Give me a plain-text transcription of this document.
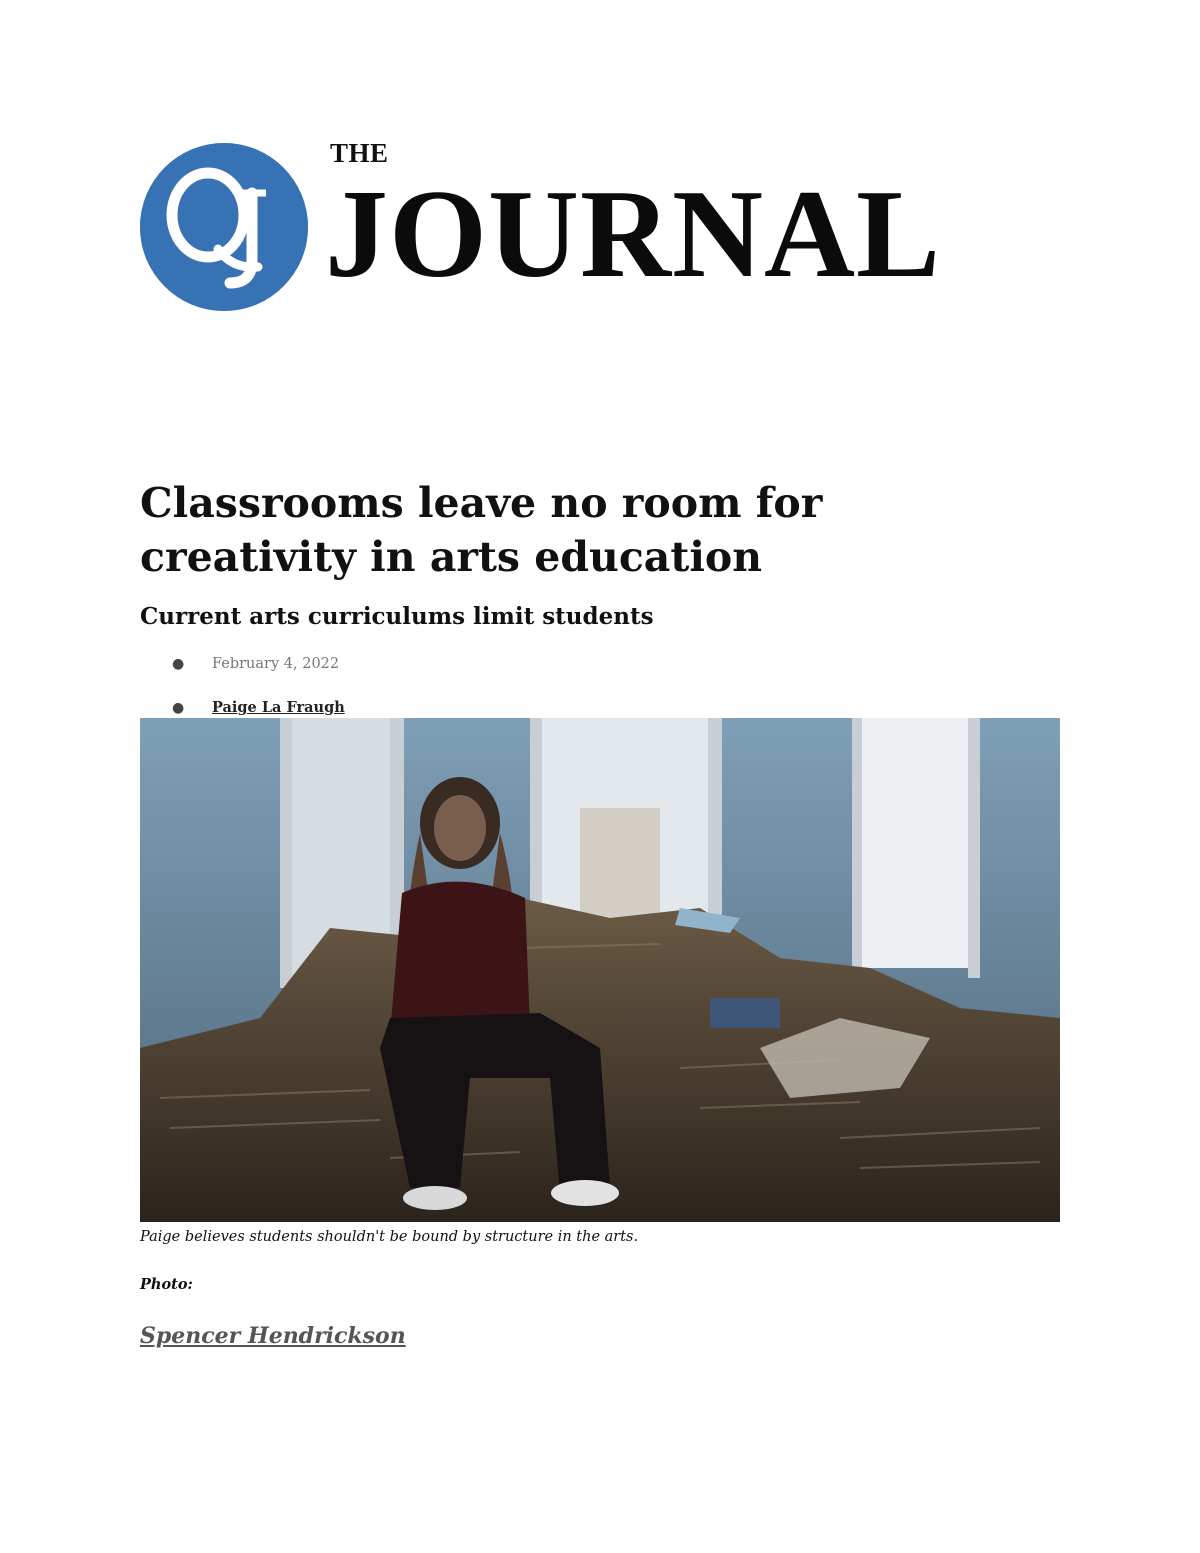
THE
JOURNAL
Classrooms leave no room for creativity in arts education
Current arts curriculums limit students
● February 4, 2022
● Paige La Fraugh

Paige believes students shouldn't be bound by structure in the arts.

Photo:

Spencer Hendrickson
